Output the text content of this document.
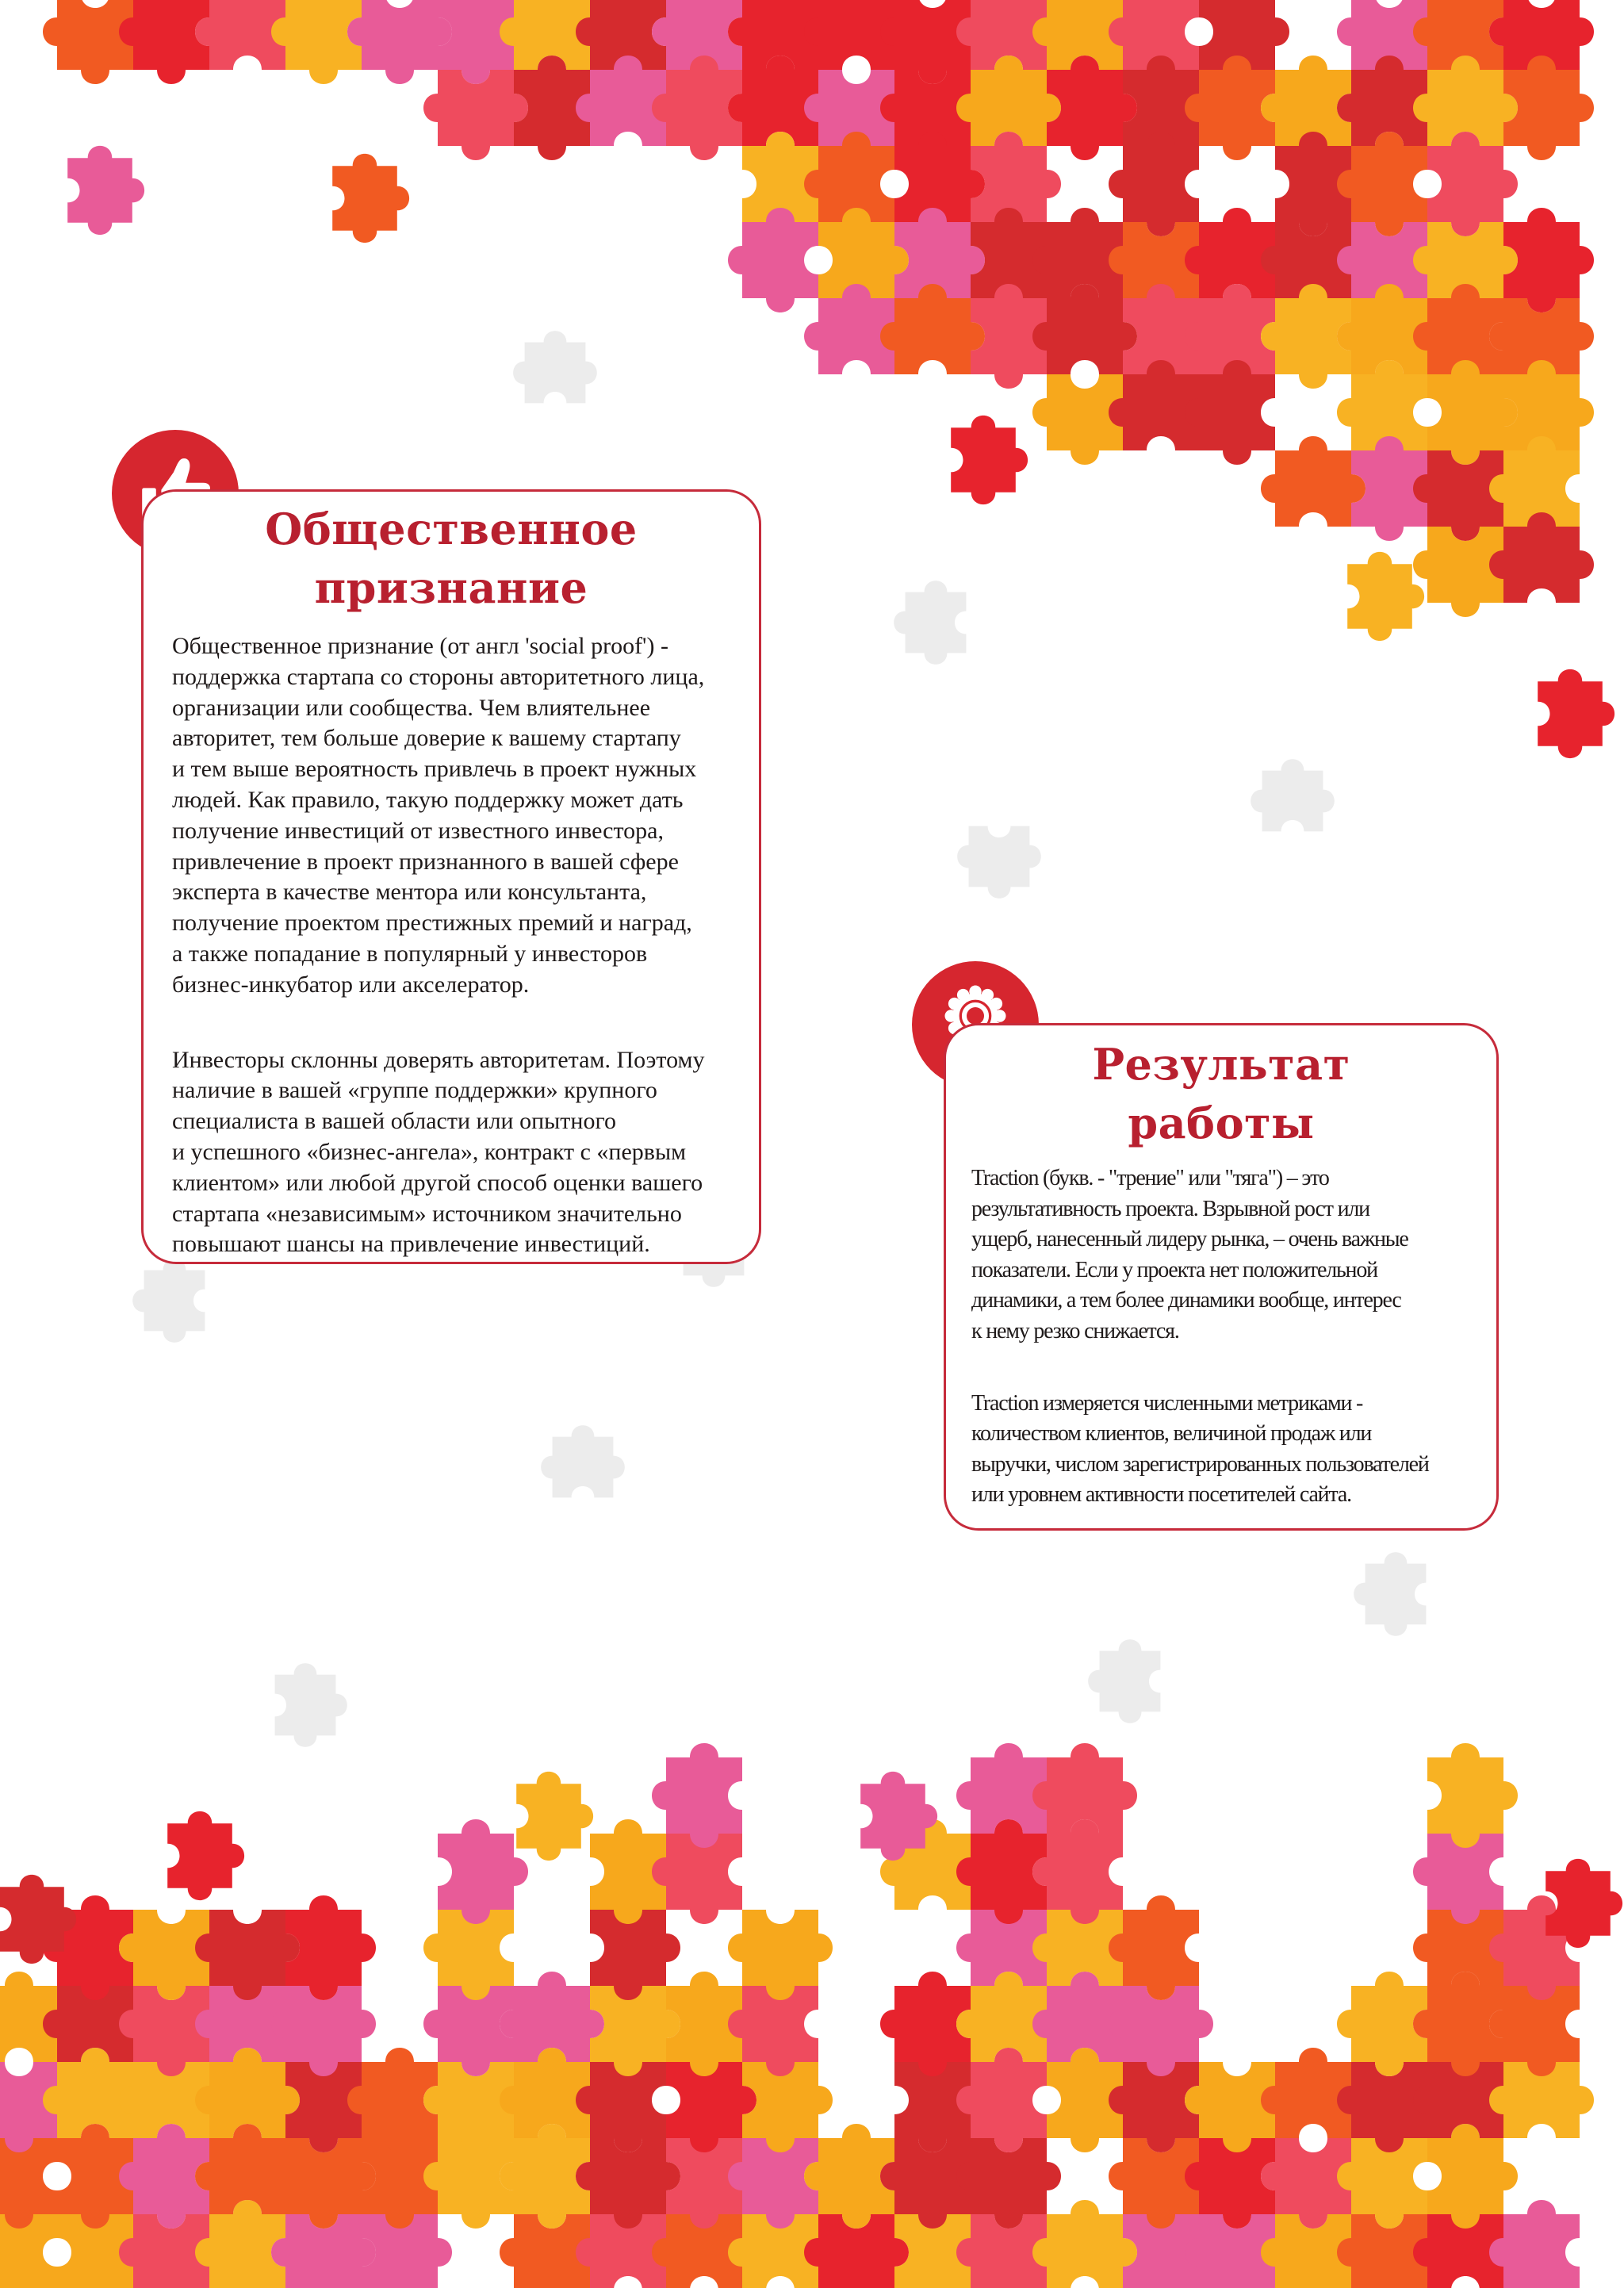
Общественное
признание
Общественное признание (от англ 'social proof') -
поддержка стартапа со стороны авторитетного лица,
организации или сообщества. Чем влиятельнее
авторитет, тем больше доверие к вашему стартапу
и тем выше вероятность привлечь в проект нужных
людей. Как правило, такую поддержку может дать
получение инвестиций от известного инвестора,
привлечение в проект признанного в вашей сфере
эксперта в качестве ментора или консультанта,
получение проектом престижных премий и наград,
а также попадание в популярный у инвесторов
бизнес-инкубатор или акселератор.
Инвесторы склонны доверять авторитетам. Поэтому
наличие в вашей «группе поддержки» крупного
специалиста в вашей области или опытного
и успешного «бизнес-ангела», контракт с «первым
клиентом» или любой другой способ оценки вашего
стартапа «независимым» источником значительно
повышают шансы на привлечение инвестиций.
Результат
работы
Traction (букв. - "трение" или "тяга") – это
результативность проекта. Взрывной рост или
ущерб, нанесенный лидеру рынка, – очень важные
показатели. Если у проекта нет положительной
динамики, а тем более динамики вообще, интерес
к нему резко снижается.
Traction измеряется численными метриками -
количеством клиентов, величиной продаж или
выручки, числом зарегистрированных пользователей
или уровнем активности посетителей сайта.
